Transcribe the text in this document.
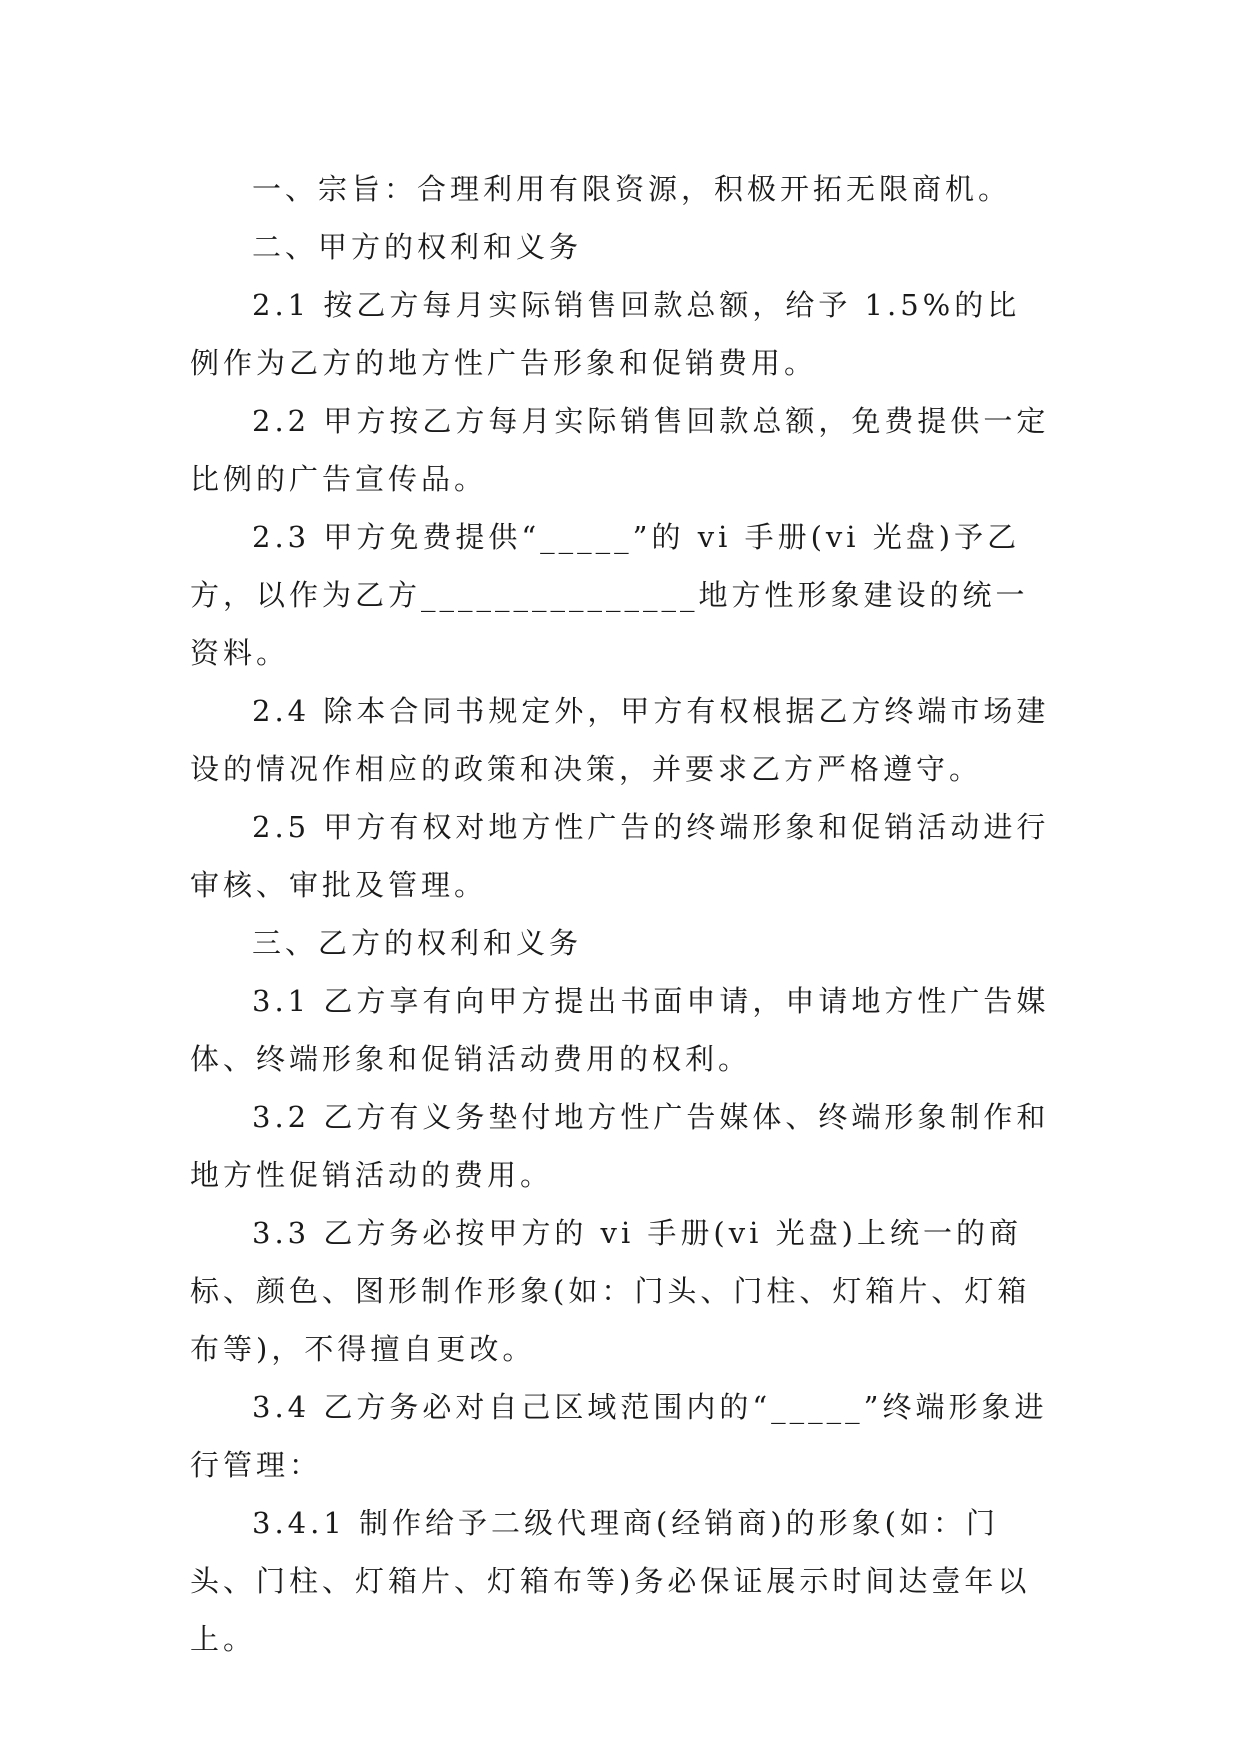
一、宗旨：合理利用有限资源，积极开拓无限商机。

二、甲方的权利和义务

2.1 按乙方每月实际销售回款总额，给予 1.5%的比例作为乙方的地方性广告形象和促销费用。

2.2 甲方按乙方每月实际销售回款总额，免费提供一定比例的广告宣传品。

2.3 甲方免费提供“_____”的 vi 手册(vi 光盘)予乙方，以作为乙方_______________地方性形象建设的统一资料。

2.4 除本合同书规定外，甲方有权根据乙方终端市场建设的情况作相应的政策和决策，并要求乙方严格遵守。

2.5 甲方有权对地方性广告的终端形象和促销活动进行审核、审批及管理。

三、乙方的权利和义务

3.1 乙方享有向甲方提出书面申请，申请地方性广告媒体、终端形象和促销活动费用的权利。

3.2 乙方有义务垫付地方性广告媒体、终端形象制作和地方性促销活动的费用。

3.3 乙方务必按甲方的 vi 手册(vi 光盘)上统一的商标、颜色、图形制作形象(如：门头、门柱、灯箱片、灯箱布等)，不得擅自更改。

3.4 乙方务必对自己区域范围内的“_____”终端形象进行管理：

3.4.1 制作给予二级代理商(经销商)的形象(如：门头、门柱、灯箱片、灯箱布等)务必保证展示时间达壹年以上。
